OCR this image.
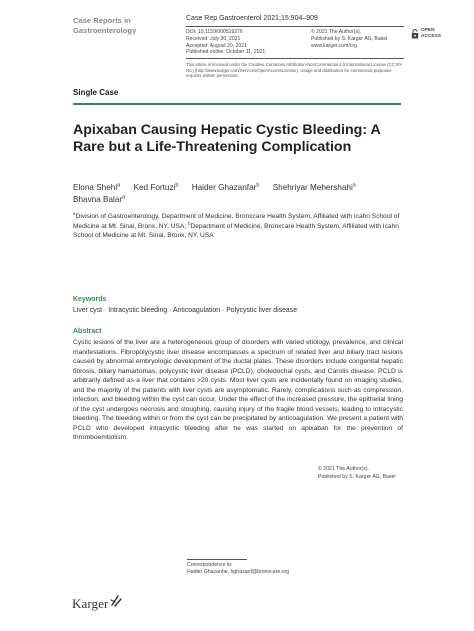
Case Reports in
Gastroenterology
Case Rep Gastroenterol 2021;15:904–909
DOI: 10.1159/000519276
Received: July 30, 2021
Accepted: August 20, 2021
Published online: October 11, 2021
© 2021 The Author(s).
Published by S. Karger AG, Basel
www.karger.com/crg
This article is licensed under the Creative Commons Attribution-NonCommercial 4.0 International License (CC BY-NC) (http://www.karger.com/Services/OpenAccessLicense). Usage and distribution for commercial purposes requires written permission.
OPEN
ACCESS
Single Case
Apixaban Causing Hepatic Cystic Bleeding: A Rare but a Life-Threatening Complication
Elona Shehi$^a$ Ked Fortuzi$^b$ Haider Ghazanfar$^b$ Shehriyar Mehershahi$^a$
Bhavna Balar$^a$
$^a$Division of Gastroenterology, Department of Medicine, Bronxcare Health System, Affiliated with Icahn School of Medicine at Mt. Sinai, Bronx, NY, USA; $^b$Department of Medicine, Bronxcare Health System, Affiliated with Icahn School of Medicine at Mt. Sinai, Bronx, NY, USA
Keywords
Liver cyst · Intracystic bleeding · Anticoagulation · Polycystic liver disease
Abstract

Cystic lesions of the liver are a heterogeneous group of disorders with varied etiology, prevalence, and clinical manifestations. Fibropolycystic liver disease encompasses a spectrum of related liver and biliary tract lesions caused by abnormal embryologic development of the ductal plates. These disorders include congenital hepatic fibrosis, biliary hamartomas, polycystic liver disease (PCLD), choledochal cysts, and Carolis disease. PCLD is arbitrarily defined as a liver that contains >20 cysts. Most liver cysts are incidentally found on imaging studies, and the majority of the patients with liver cysts are asymptomatic. Rarely, complications such as compression, infection, and bleeding within the cyst can occur. Under the effect of the increased pressure, the epithelial lining of the cyst undergoes necrosis and sloughing, causing injury of the fragile blood vessels, leading to intracystic bleeding. The bleeding within or from the cyst can be precipitated by anticoagulation. We present a patient with PCLD who developed intracystic bleeding after he was started on apixaban for the prevention of thromboembolism.

© 2021 The Author(s).
Published by S. Karger AG, Basel
Correspondence to:
Haider Ghazanfar, hghazanf@bronxcare.org
Karger
